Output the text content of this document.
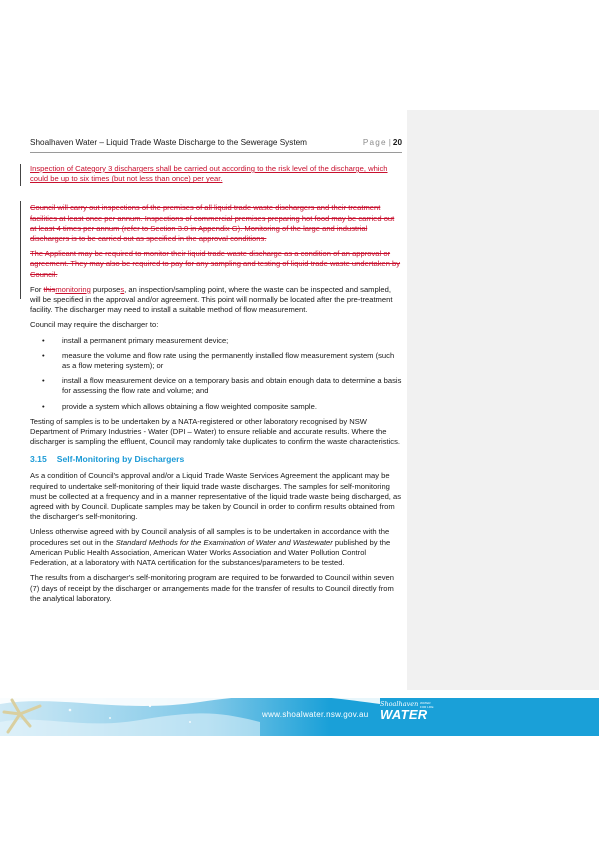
Shoalhaven Water – Liquid Trade Waste Discharge to the Sewerage System	Page | 20

Inspection of Category 3 dischargers shall be carried out according to the risk level of the discharge, which could be up to six times (but not less than once) per year.

Council will carry out inspections of the premises of all liquid trade waste dischargers and their treatment facilities at least once per annum. Inspections of commercial premises preparing hot food may be carried out at least 4 times per annum (refer to Section 3.0 in Appendix G). Monitoring of the large and industrial dischargers is to be carried out as specified in the approval conditions.

The Applicant may be required to monitor their liquid trade waste discharge as a condition of an approval or agreement. They may also be required to pay for any sampling and testing of liquid trade waste undertaken by Council.

For thismonitoring purposes, an inspection/sampling point, where the waste can be inspected and sampled, will be specified in the approval and/or agreement. This point will normally be located after the pre-treatment facility. The discharger may need to install a suitable method of flow measurement.

Council may require the discharger to:

• install a permanent primary measurement device;
• measure the volume and flow rate using the permanently installed flow measurement system (such as a flow metering system); or
• install a flow measurement device on a temporary basis and obtain enough data to determine a basis for assessing the flow rate and volume; and
• provide a system which allows obtaining a flow weighted composite sample.

Testing of samples is to be undertaken by a NATA-registered or other laboratory recognised by NSW Department of Primary Industries - Water (DPI – Water) to ensure reliable and accurate results. Where the discharger is sampling the effluent, Council may randomly take duplicates to confirm the waste characteristics.

3.15 Self-Monitoring by Dischargers

As a condition of Council's approval and/or a Liquid Trade Waste Services Agreement the applicant may be required to undertake self-monitoring of their liquid trade waste discharges. The samples for self-monitoring must be collected at a frequency and in a manner representative of the liquid trade waste being discharged, as agreed with by Council. Duplicate samples may be taken by Council in order to confirm results obtained from the discharger's self-monitoring.

Unless otherwise agreed with by Council analysis of all samples is to be undertaken in accordance with the procedures set out in the Standard Methods for the Examination of Water and Wastewater published by the American Public Health Association, American Water Works Association and Water Pollution Control Federation, at a laboratory with NATA certification for the substances/parameters to be tested.

The results from a discharger's self-monitoring program are required to be forwarded to Council within seven (7) days of receipt by the discharger or arrangements made for the transfer of results to Council directly from the analytical laboratory.

www.shoalwater.nsw.gov.au
Shoalhaven WATER FOR LIFE
WATER
